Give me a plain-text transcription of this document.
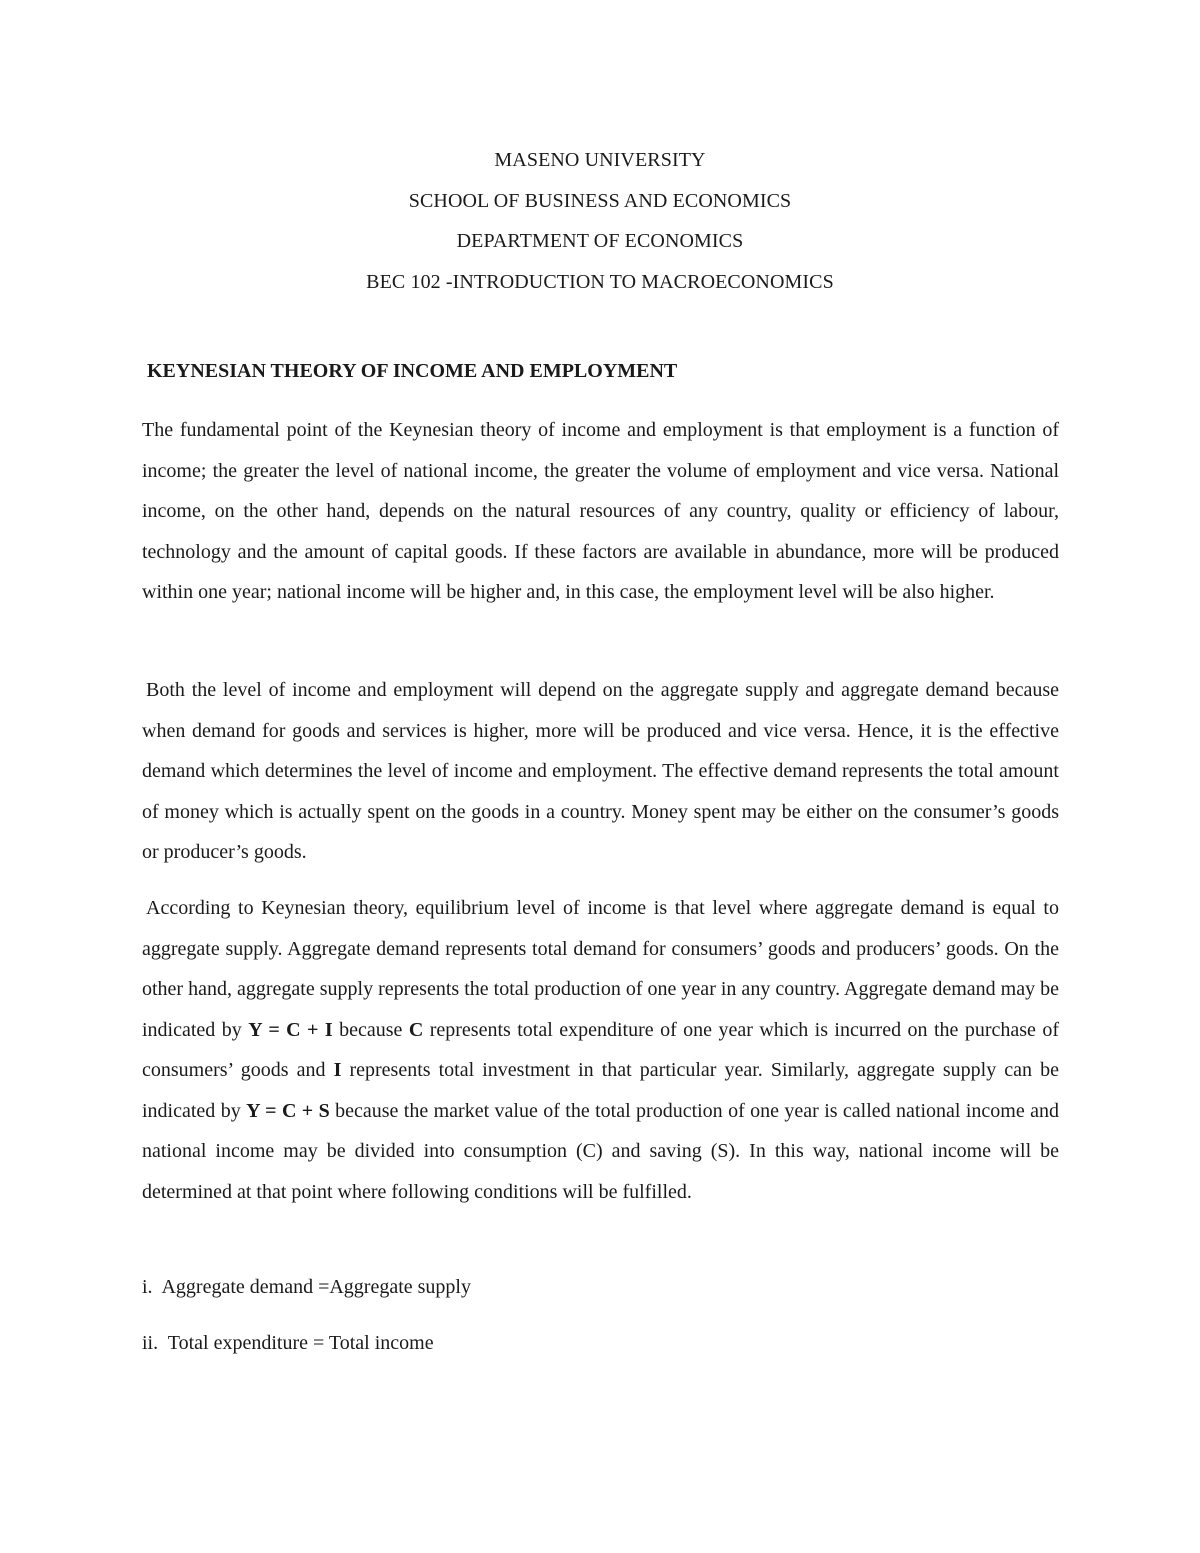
MASENO UNIVERSITY
SCHOOL OF BUSINESS AND ECONOMICS
DEPARTMENT OF ECONOMICS
BEC 102 -INTRODUCTION TO MACROECONOMICS
KEYNESIAN THEORY OF INCOME AND EMPLOYMENT

The fundamental point of the Keynesian theory of income and employment is that employment is a function of income; the greater the level of national income, the greater the volume of employment and vice versa. National income, on the other hand, depends on the natural resources of any country, quality or efficiency of labour, technology and the amount of capital goods. If these factors are available in abundance, more will be produced within one year; national income will be higher and, in this case, the employment level will be also higher.

Both the level of income and employment will depend on the aggregate supply and aggregate demand because when demand for goods and services is higher, more will be produced and vice versa. Hence, it is the effective demand which determines the level of income and employment. The effective demand represents the total amount of money which is actually spent on the goods in a country. Money spent may be either on the consumer’s goods or producer’s goods.

According to Keynesian theory, equilibrium level of income is that level where aggregate demand is equal to aggregate supply. Aggregate demand represents total demand for consumers’ goods and producers’ goods. On the other hand, aggregate supply represents the total production of one year in any country. Aggregate demand may be indicated by Y = C + I because C represents total expenditure of one year which is incurred on the purchase of consumers’ goods and I represents total investment in that particular year. Similarly, aggregate supply can be indicated by Y = C + S because the market value of the total production of one year is called national income and national income may be divided into consumption (C) and saving (S). In this way, national income will be determined at that point where following conditions will be fulfilled.

i. Aggregate demand =Aggregate supply
ii. Total expenditure = Total income
